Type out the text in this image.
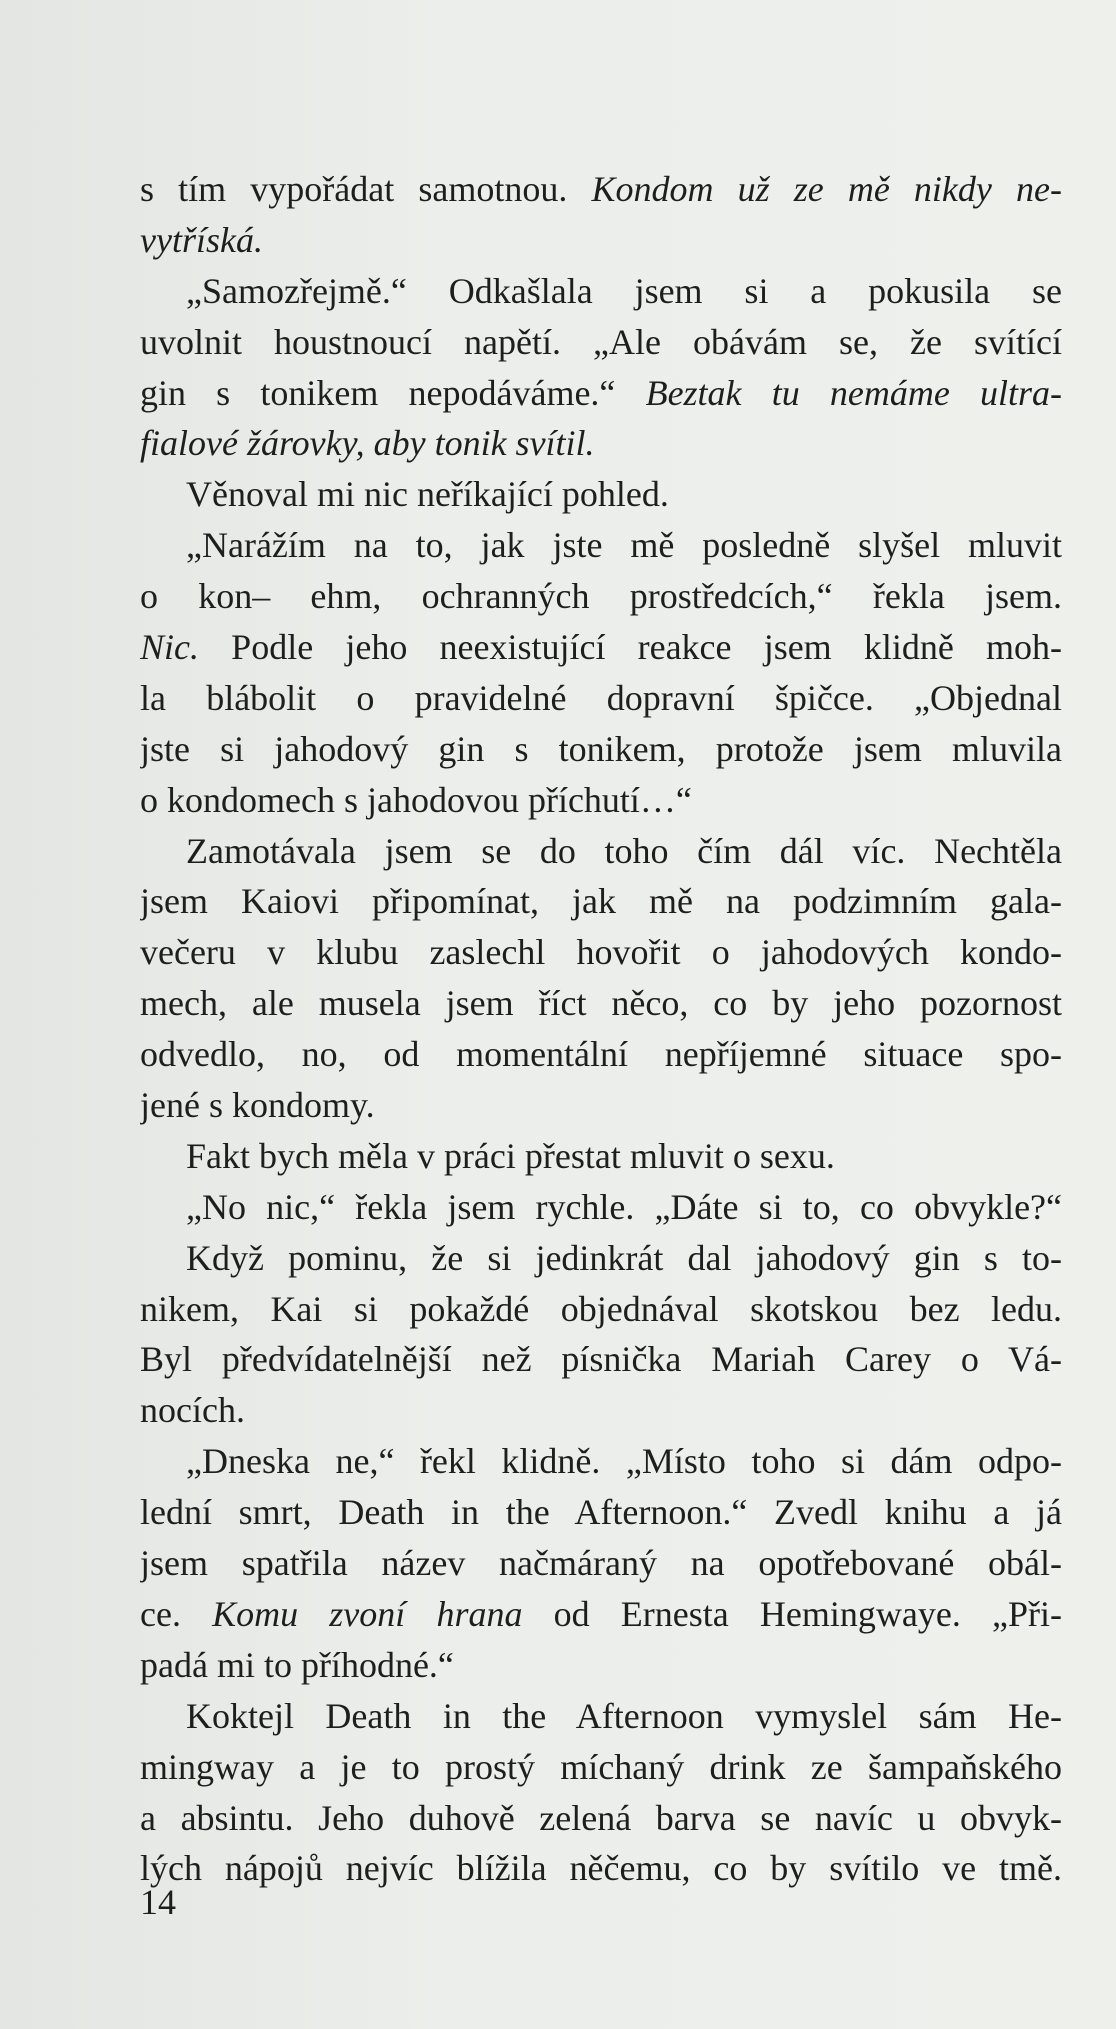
s tím vypořádat samotnou. Kondom už ze mě nikdy ne-
vytříská.
„Samozřejmě.“ Odkašlala jsem si a pokusila se
uvolnit houstnoucí napětí. „Ale obávám se, že svítící
gin s tonikem nepodáváme.“ Beztak tu nemáme ultra-
fialové žárovky, aby tonik svítil.
Věnoval mi nic neříkající pohled.
„Narážím na to, jak jste mě posledně slyšel mluvit
o kon– ehm, ochranných prostředcích,“ řekla jsem.
Nic. Podle jeho neexistující reakce jsem klidně moh-
la blábolit o pravidelné dopravní špičce. „Objednal
jste si jahodový gin s tonikem, protože jsem mluvila
o kondomech s jahodovou příchutí…“
Zamotávala jsem se do toho čím dál víc. Nechtěla
jsem Kaiovi připomínat, jak mě na podzimním gala-
večeru v klubu zaslechl hovořit o jahodových kondo-
mech, ale musela jsem říct něco, co by jeho pozornost
odvedlo, no, od momentální nepříjemné situace spo-
jené s kondomy.
Fakt bych měla v práci přestat mluvit o sexu.
„No nic,“ řekla jsem rychle. „Dáte si to, co obvykle?“
Když pominu, že si jedinkrát dal jahodový gin s to-
nikem, Kai si pokaždé objednával skotskou bez ledu.
Byl předvídatelnější než písnička Mariah Carey o Vá-
nocích.
„Dneska ne,“ řekl klidně. „Místo toho si dám odpo-
lední smrt, Death in the Afternoon.“ Zvedl knihu a já
jsem spatřila název načmáraný na opotřebované obál-
ce. Komu zvoní hrana od Ernesta Hemingwaye. „Při-
padá mi to příhodné.“
Koktejl Death in the Afternoon vymyslel sám He-
mingway a je to prostý míchaný drink ze šampaňského
a absintu. Jeho duhově zelená barva se navíc u obvyk-
lých nápojů nejvíc blížila něčemu, co by svítilo ve tmě.
14
